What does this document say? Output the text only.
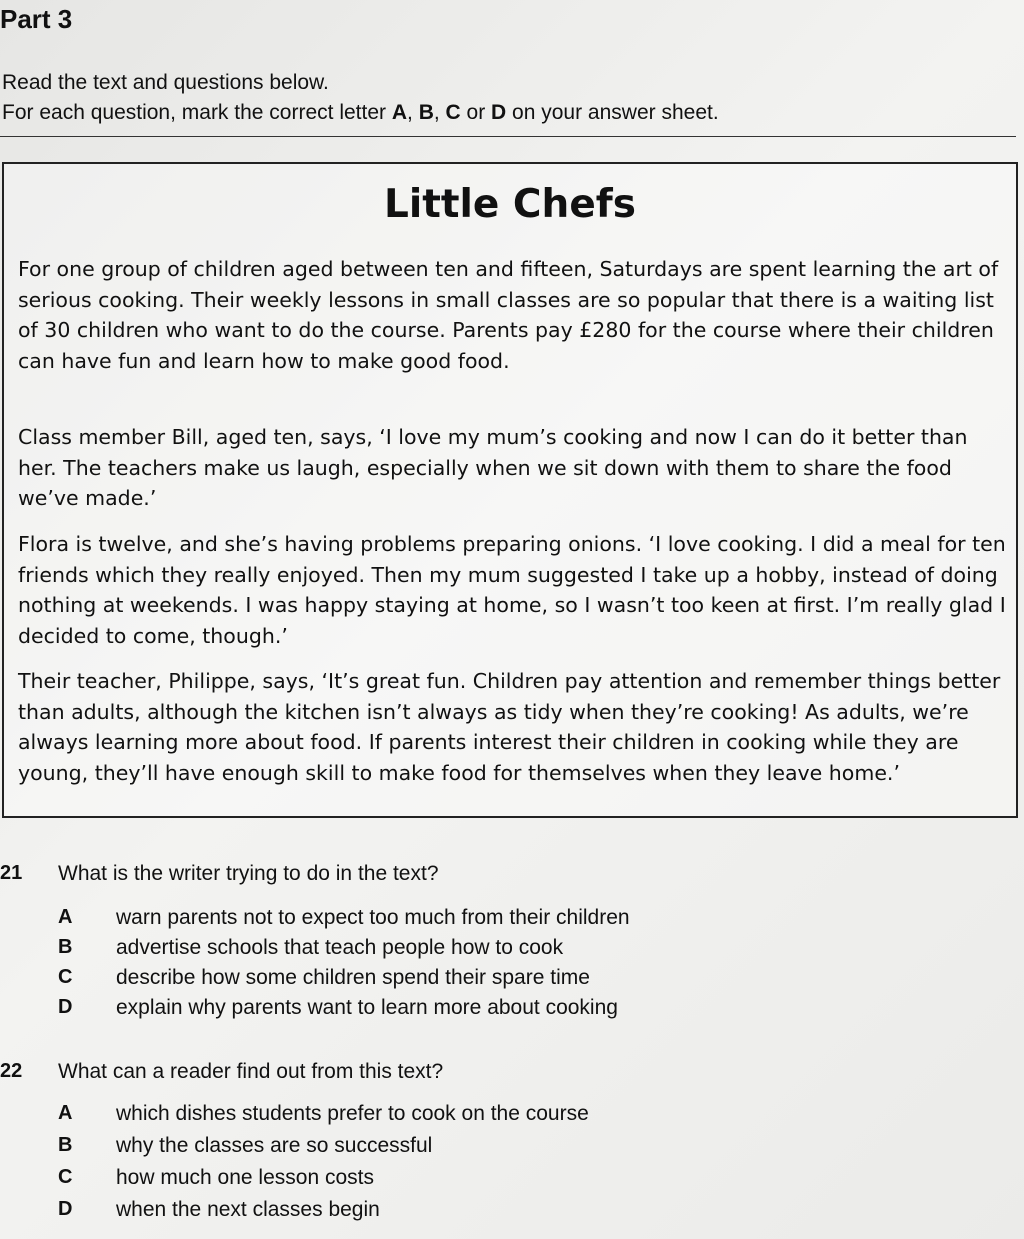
Part 3
Read the text and questions below.
For each question, mark the correct letter A, B, C or D on your answer sheet.
Little Chefs

For one group of children aged between ten and fifteen, Saturdays are spent learning the art of serious cooking. Their weekly lessons in small classes are so popular that there is a waiting list of 30 children who want to do the course. Parents pay £280 for the course where their children can have fun and learn how to make good food.

Class member Bill, aged ten, says, ‘I love my mum’s cooking and now I can do it better than her. The teachers make us laugh, especially when we sit down with them to share the food we’ve made.’

Flora is twelve, and she’s having problems preparing onions. ‘I love cooking. I did a meal for ten friends which they really enjoyed. Then my mum suggested I take up a hobby, instead of doing nothing at weekends. I was happy staying at home, so I wasn’t too keen at first. I’m really glad I decided to come, though.’

Their teacher, Philippe, says, ‘It’s great fun. Children pay attention and remember things better than adults, although the kitchen isn’t always as tidy when they’re cooking! As adults, we’re always learning more about food. If parents interest their children in cooking while they are young, they’ll have enough skill to make food for themselves when they leave home.’

21 What is the writer trying to do in the text?
A warn parents not to expect too much from their children
B advertise schools that teach people how to cook
C describe how some children spend their spare time
D explain why parents want to learn more about cooking
22 What can a reader find out from this text?
A which dishes students prefer to cook on the course
B why the classes are so successful
C how much one lesson costs
D when the next classes begin
